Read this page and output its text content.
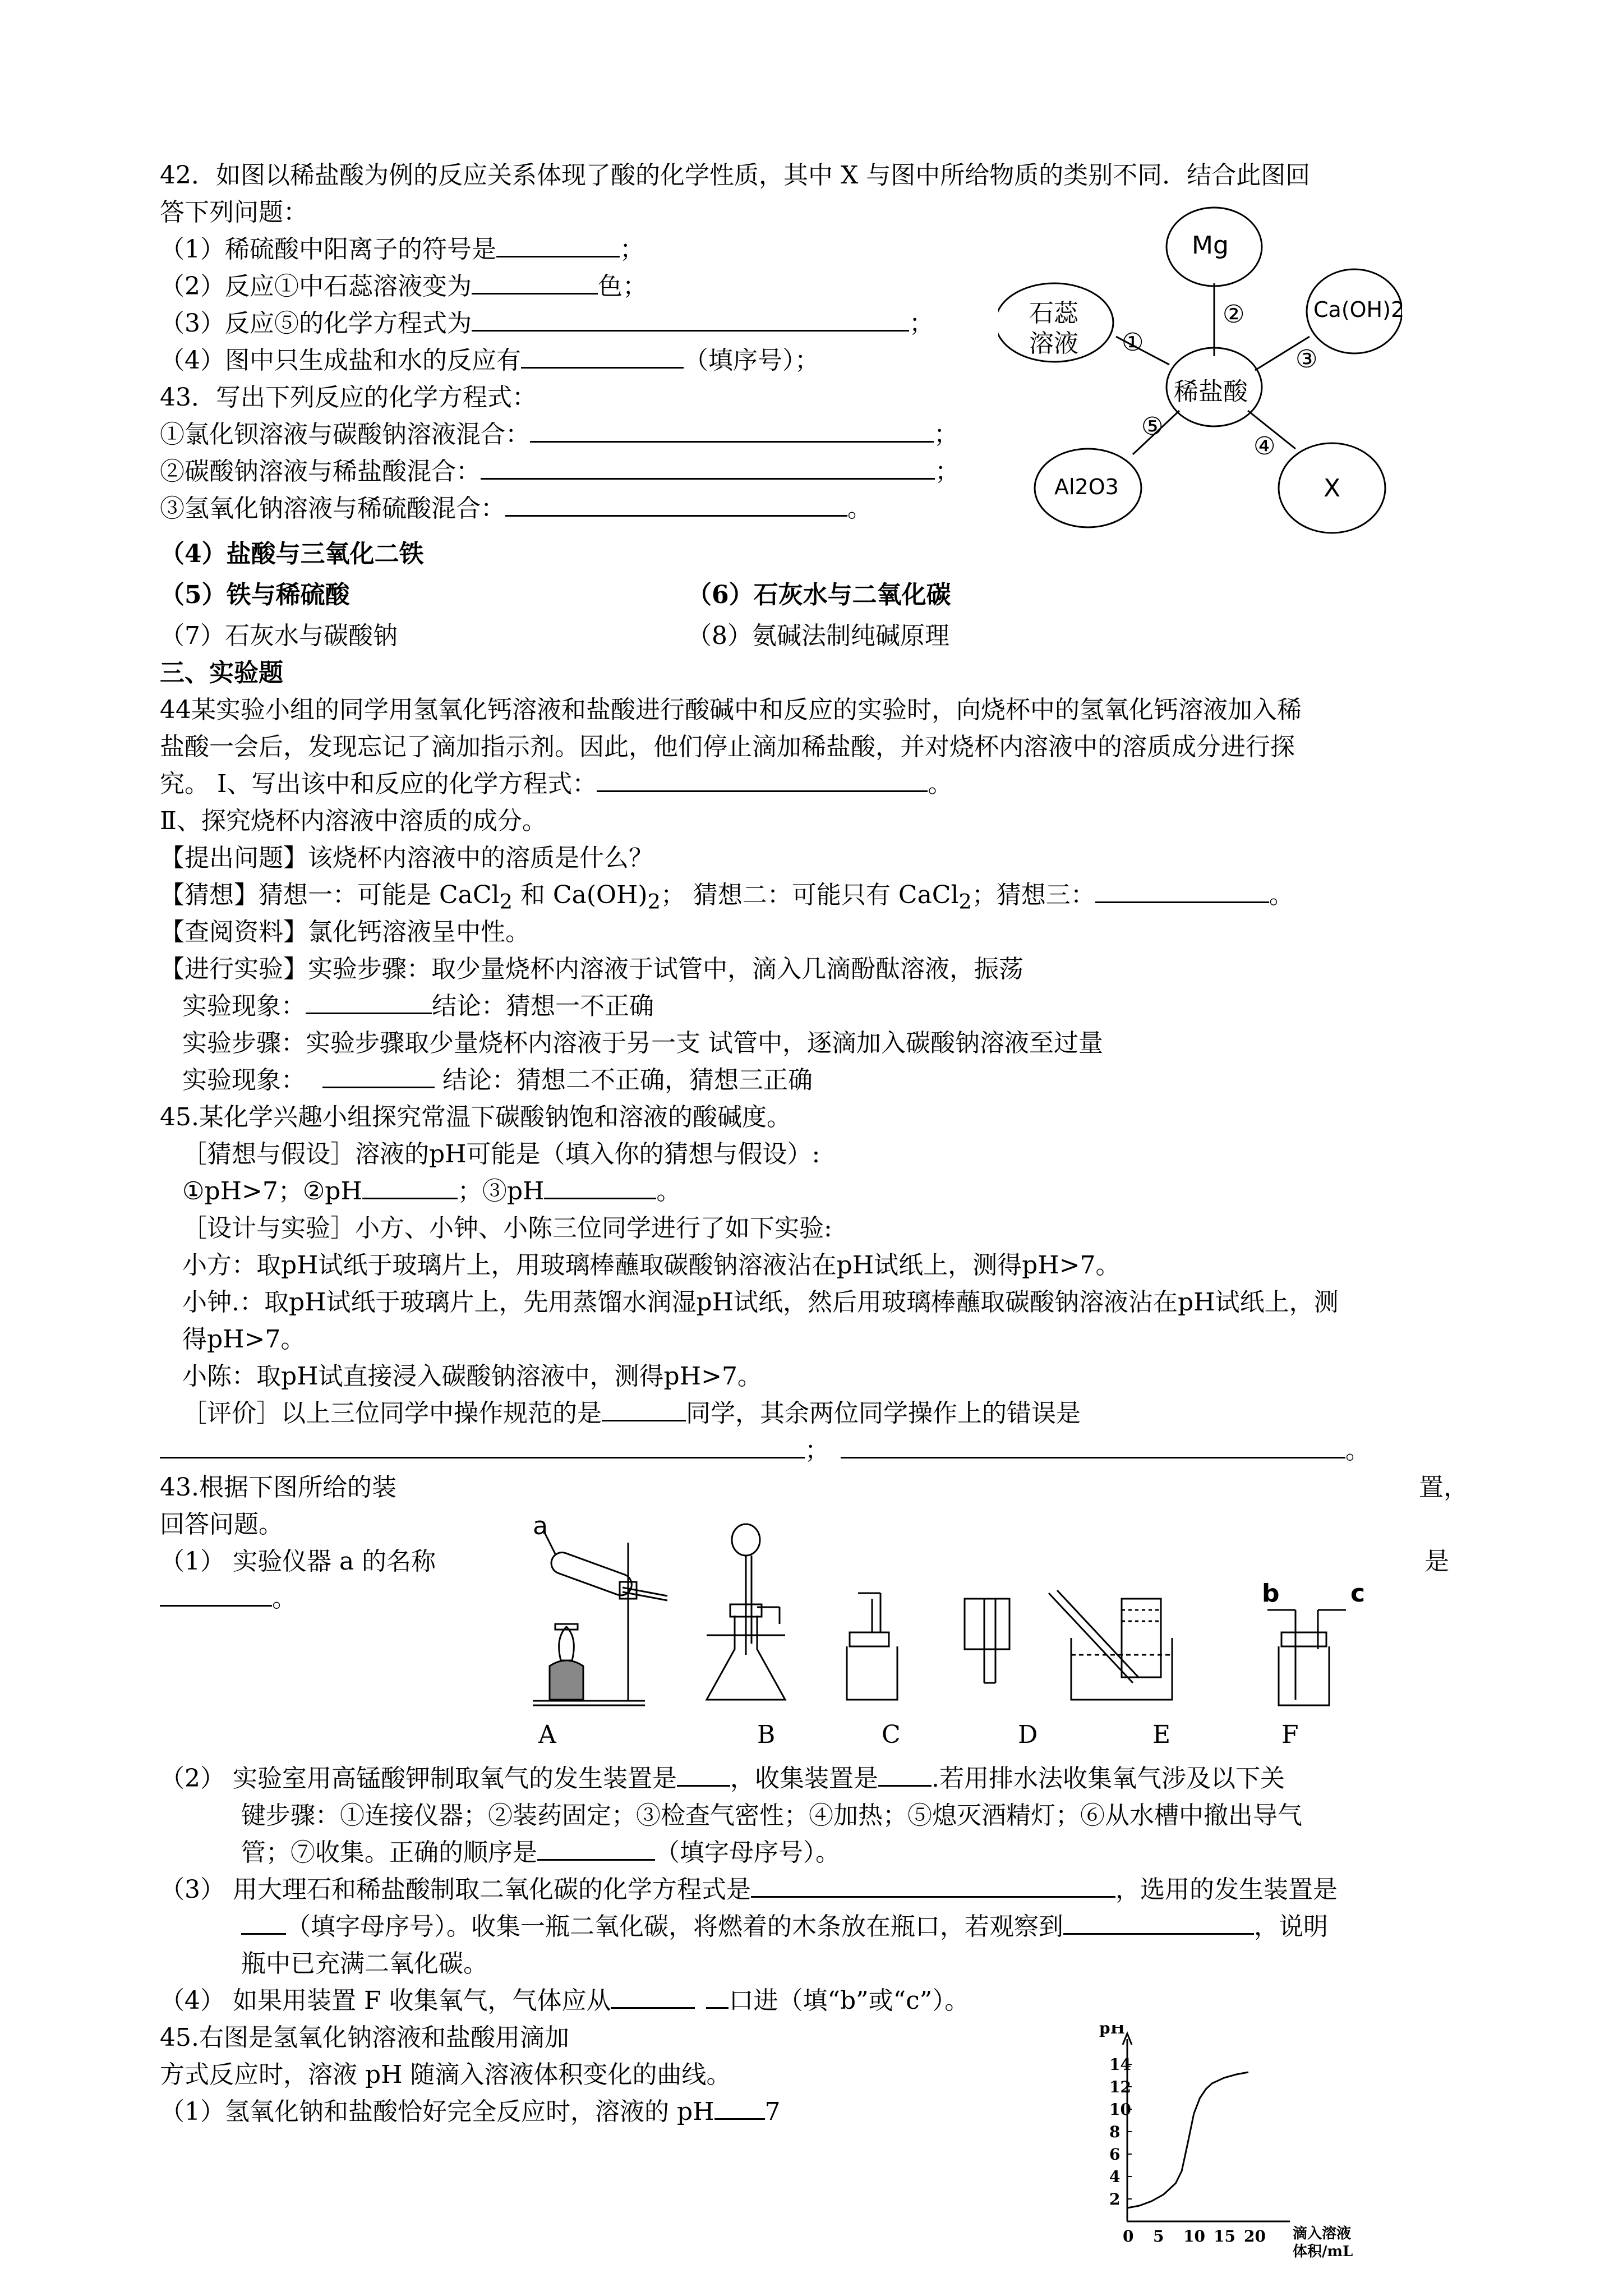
42．如图以稀盐酸为例的反应关系体现了酸的化学性质，其中 X 与图中所给物质的类别不同．结合此图回
答下列问题：
（1）稀硫酸中阳离子的符号是	；
（2）反应①中石蕊溶液变为	色；
（3）反应⑤的化学方程式为	；
（4）图中只生成盐和水的反应有	（填序号）；
Mg
石蕊
溶液
Ca(OH)2
稀盐酸
Al2O3	X
①
②
③
④
⑤
43．写出下列反应的化学方程式：
①氯化钡溶液与碳酸钠溶液混合：	；
②碳酸钠溶液与稀盐酸混合：	；
③氢氧化钠溶液与稀硫酸混合：	。
（4）盐酸与三氧化二铁
（5）铁与稀硫酸	（6）石灰水与二氧化碳
（7）石灰水与碳酸钠	（8）氨碱法制纯碱原理
三、实验题
44某实验小组的同学用氢氧化钙溶液和盐酸进行酸碱中和反应的实验时，向烧杯中的氢氧化钙溶液加入稀
盐酸一会后，发现忘记了滴加指示剂。因此，他们停止滴加稀盐酸，并对烧杯内溶液中的溶质成分进行探
究。 Ⅰ、写出该中和反应的化学方程式：	。
Ⅱ、探究烧杯内溶液中溶质的成分。
【提出问题】该烧杯内溶液中的溶质是什么？
【猜想】猜想一：可能是 CaCl$_2$ 和 $Ca(OH)_2$； 猜想二：可能只有 CaCl$_2$；猜想三：	。
【查阅资料】氯化钙溶液呈中性。
【进行实验】实验步骤：取少量烧杯内溶液于试管中，滴入几滴酚酞溶液，振荡
实验现象：	结论：猜想一不正确
实验步骤：实验步骤取少量烧杯内溶液于另一支 试管中，逐滴加入碳酸钠溶液至过量
实验现象：	结论：猜想二不正确，猜想三正确
45.某化学兴趣小组探究常温下碳酸钠饱和溶液的酸碱度。
［猜想与假设］溶液的pH可能是（填入你的猜想与假设）:
①pH>7；②pH	；③pH	。
［设计与实验］小方、小钟、小陈三位同学进行了如下实验:
小方：取pH试纸于玻璃片上，用玻璃棒蘸取碳酸钠溶液沾在pH试纸上，测得pH>7。
小钟.：取pH试纸于玻璃片上，先用蒸馏水润湿pH试纸，然后用玻璃棒蘸取碳酸钠溶液沾在pH试纸上，测
得pH>7。
小陈：取pH试直接浸入碳酸钠溶液中，测得pH>7。
［评价］以上三位同学中操作规范的是	同学，其余两位同学操作上的错误是
；	。
43.根据下图所给的装	置，
回答问题。
（1） 实验仪器 a 的名称	是
。
a
b	c
A	B	C	D	E	F
（2） 实验室用高锰酸钾制取氧气的发生装置是 ，收集装置是 .若用排水法收集氧气涉及以下关
键步骤：①连接仪器；②装药固定；③检查气密性；④加热；⑤熄灭酒精灯；⑥从水槽中撤出导气
管；⑦收集。正确的顺序是	（填字母序号）。
（3） 用大理石和稀盐酸制取二氧化碳的化学方程式是	，选用的发生装置是
（填字母序号）。收集一瓶二氧化碳，将燃着的木条放在瓶口，若观察到	，说明
瓶中已充满二氧化碳。
（4） 如果用装置 F 收集氧气，气体应从	口进（填“b”或“c”）。
45.右图是氢氧化钠溶液和盐酸用滴加
方式反应时，溶液 pH 随滴入溶液体积变化的曲线。
（1）氢氧化钠和盐酸恰好完全反应时，溶液的 pH 7
pH
滴入溶液
体积/mL
2
4
6
8
10
12
14
0 5 10 15 20
